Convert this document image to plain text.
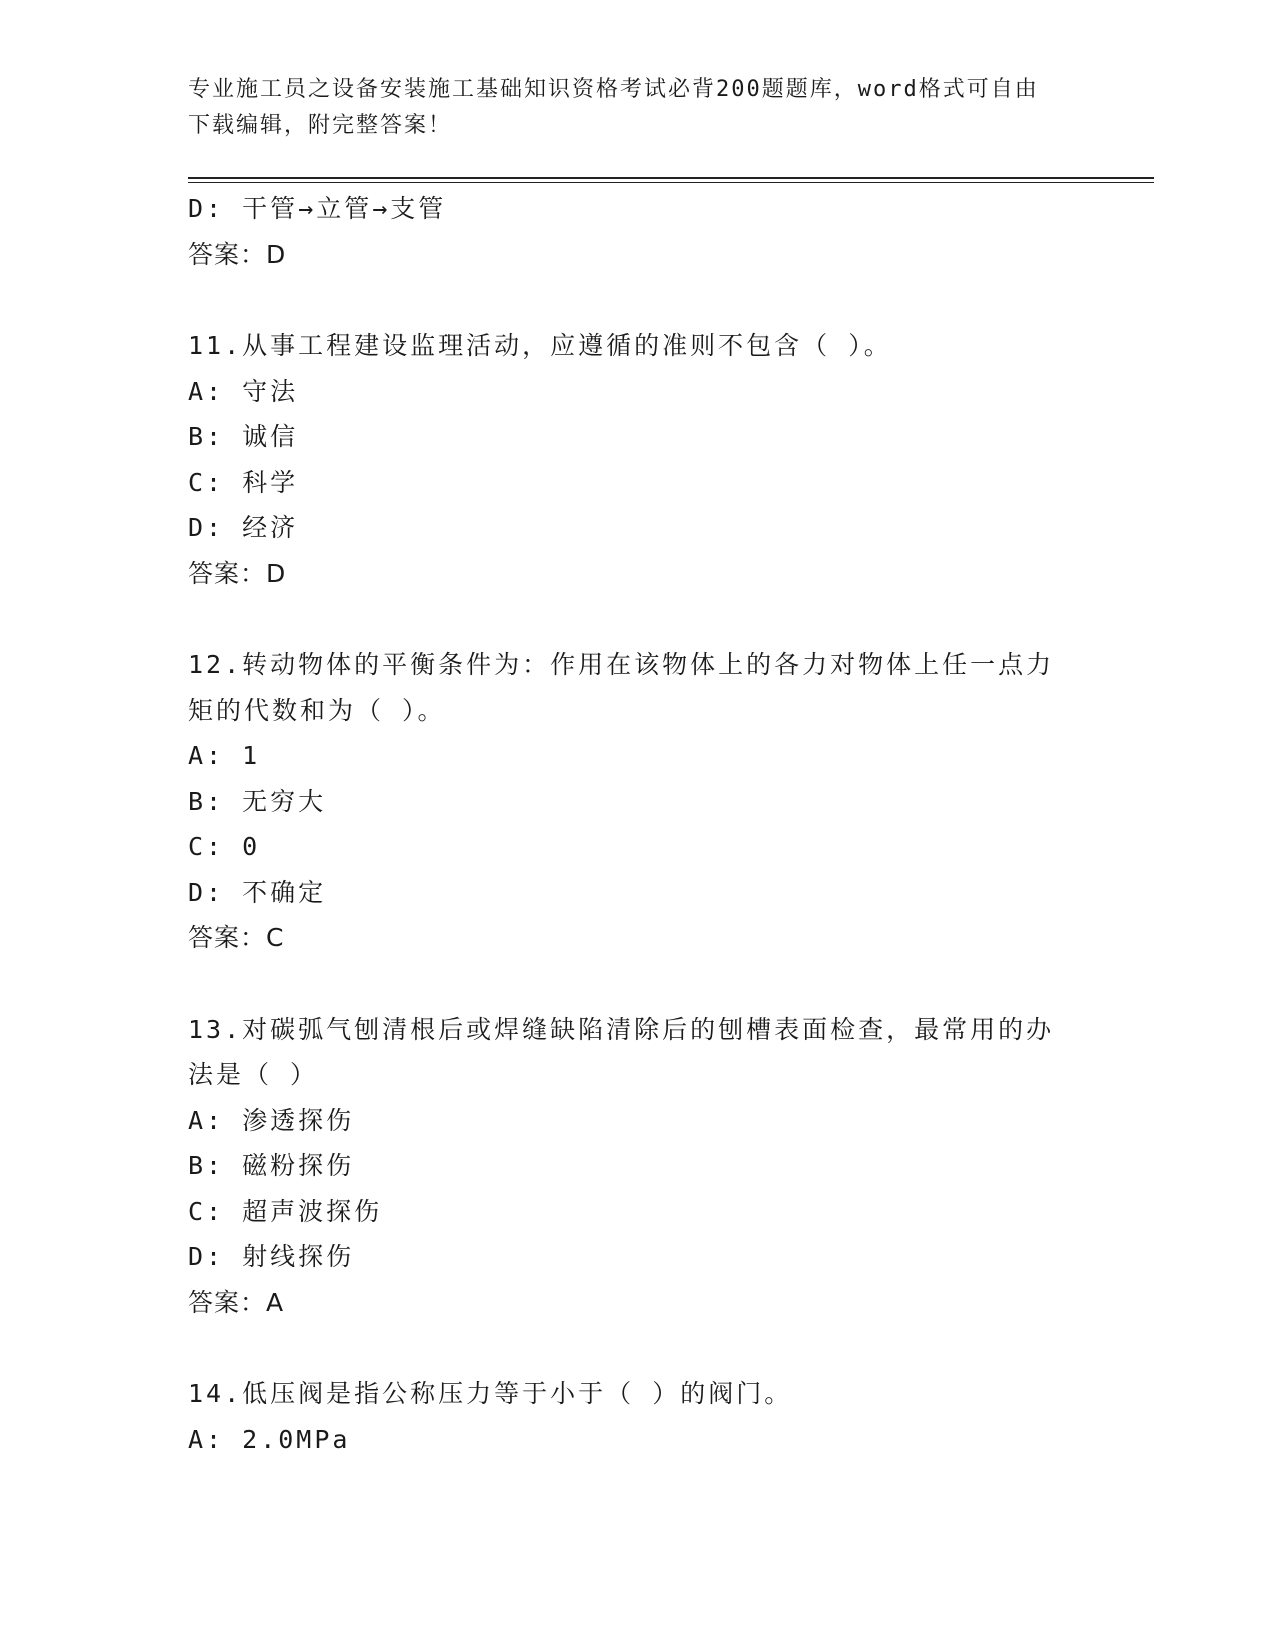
专业施工员之设备安装施工基础知识资格考试必背200题题库，word格式可自由
下载编辑，附完整答案！
D: 干管→立管→支管
答案：D
11.从事工程建设监理活动，应遵循的准则不包含（ ）。
A: 守法
B: 诚信
C: 科学
D: 经济
答案：D
12.转动物体的平衡条件为：作用在该物体上的各力对物体上任一点力
矩的代数和为（ ）。
A: 1
B: 无穷大
C: 0
D: 不确定
答案：C
13.对碳弧气刨清根后或焊缝缺陷清除后的刨槽表面检查，最常用的办
法是（ ）
A: 渗透探伤
B: 磁粉探伤
C: 超声波探伤
D: 射线探伤
答案：A
14.低压阀是指公称压力等于小于（ ）的阀门。
A: 2.0MPa
